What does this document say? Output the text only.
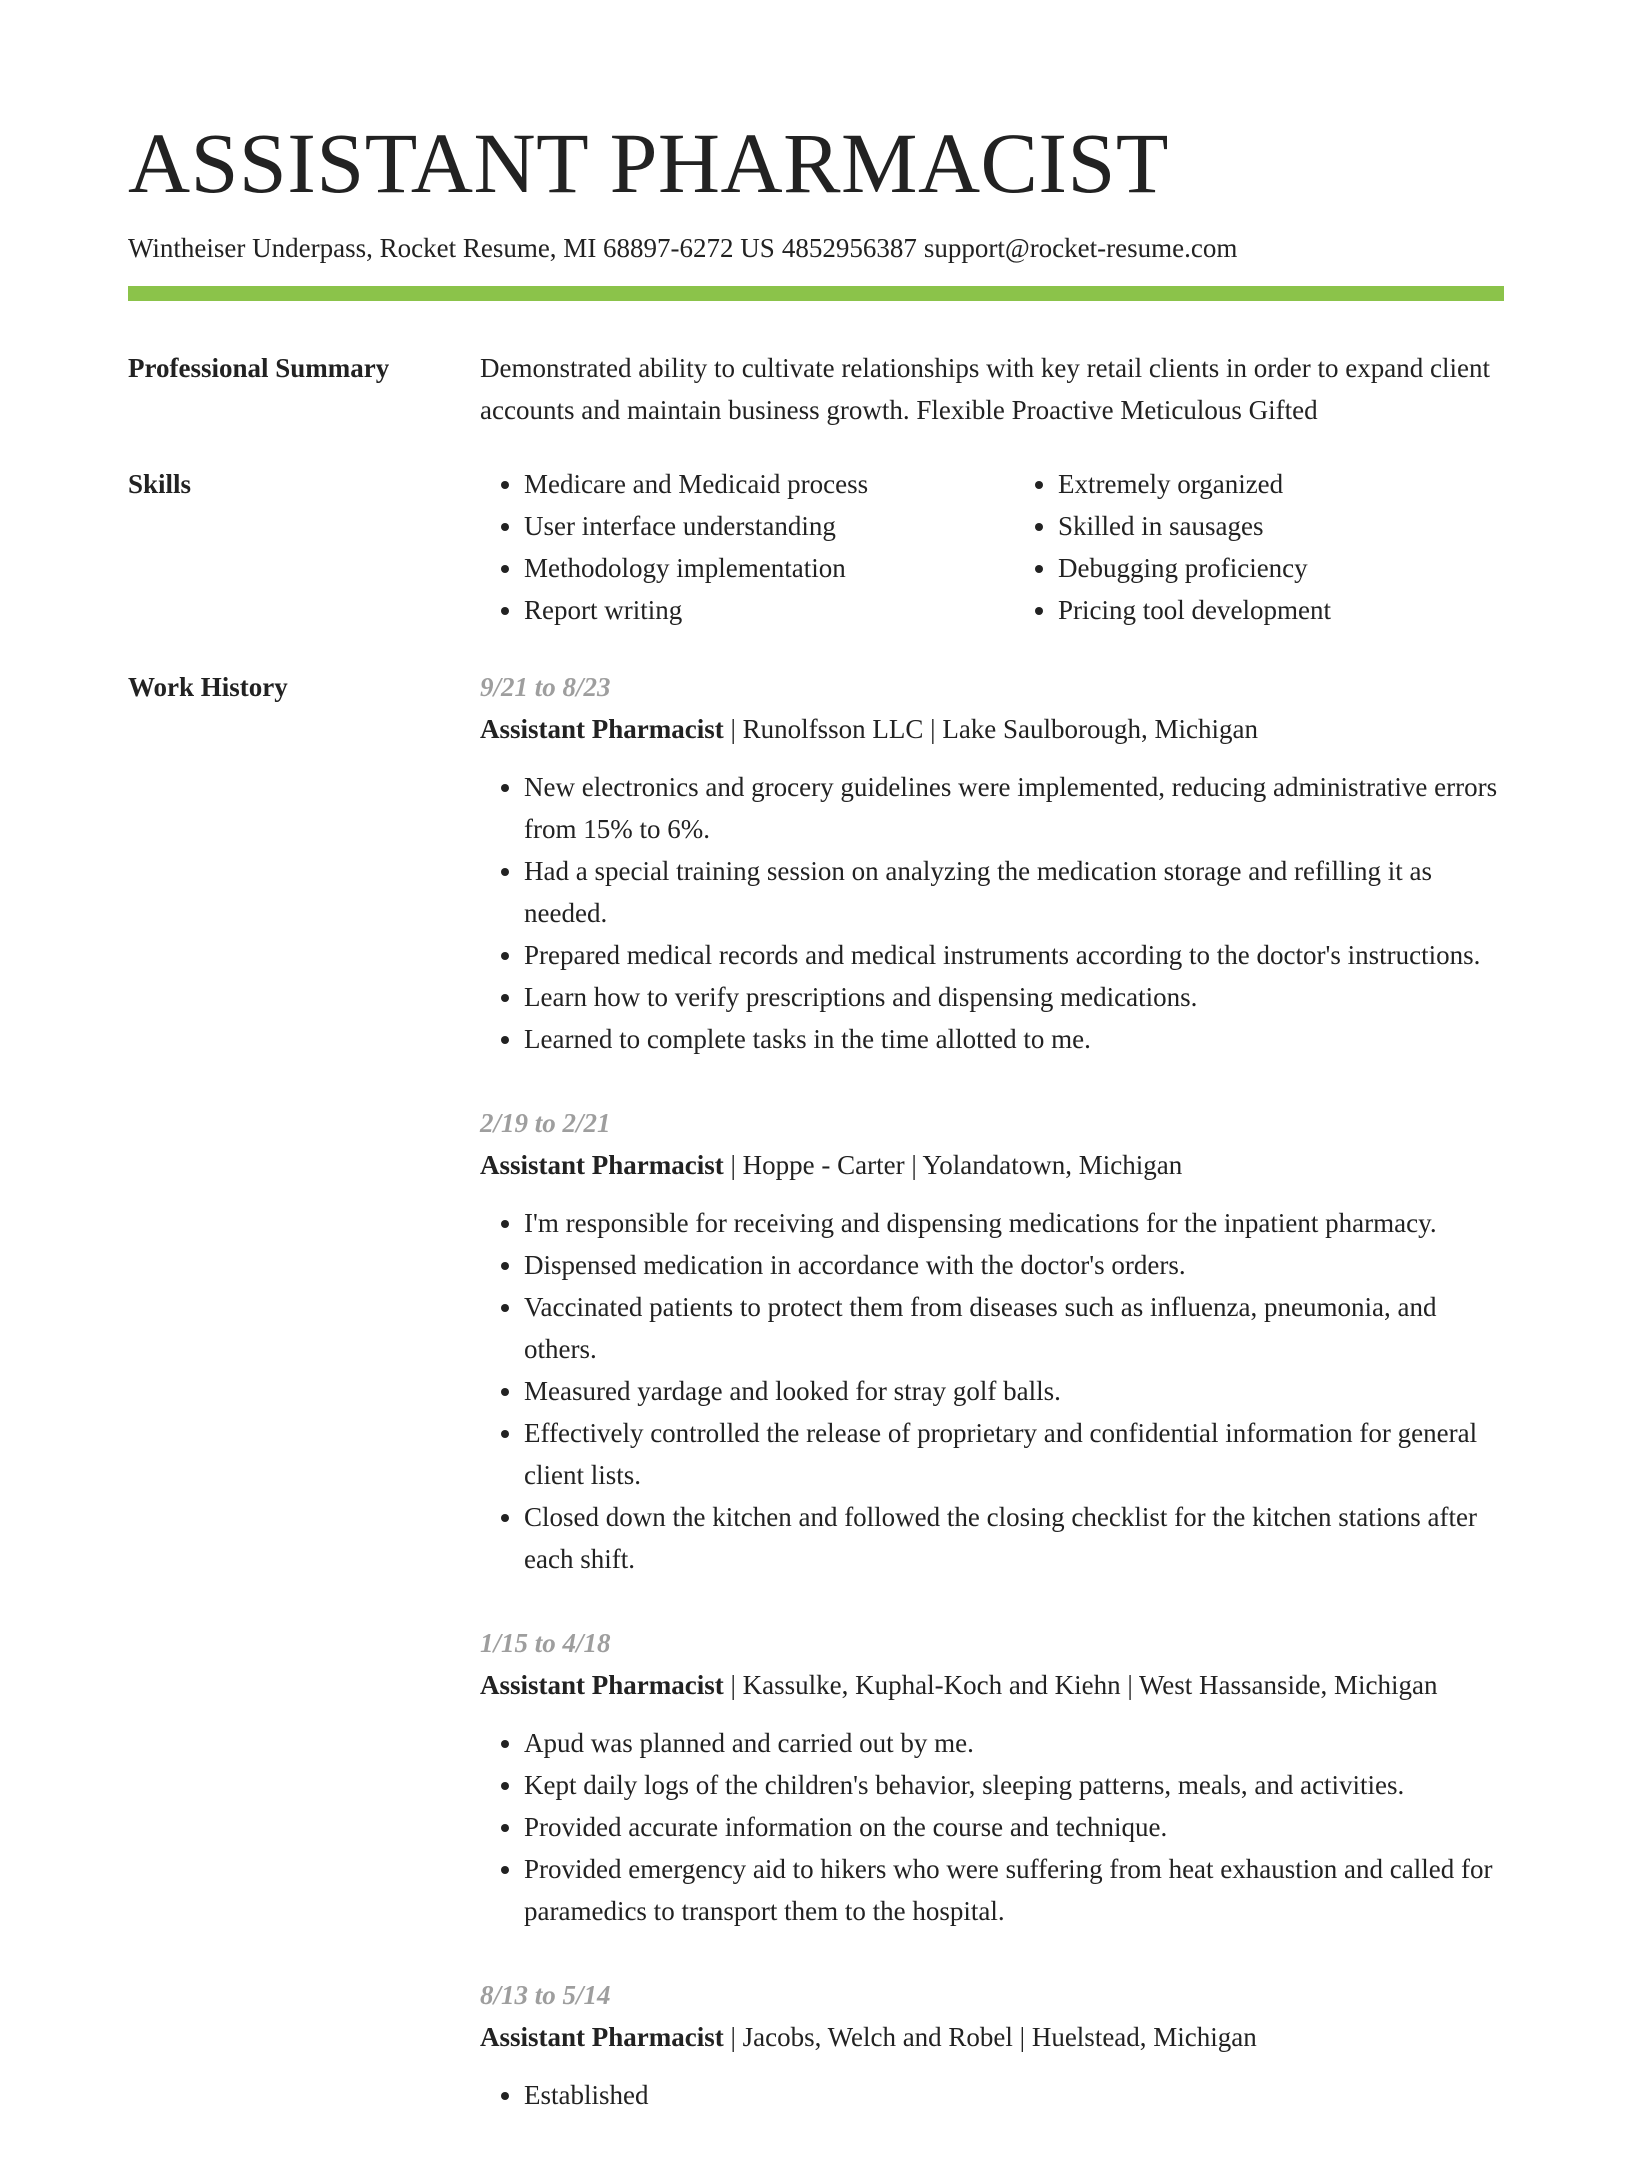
ASSISTANT PHARMACIST
Wintheiser Underpass, Rocket Resume, MI 68897-6272 US 4852956387 support@rocket-resume.com
Professional Summary	Demonstrated ability to cultivate relationships with key retail clients in order to expand client accounts and maintain business growth. Flexible Proactive Meticulous Gifted

Skills
•	Medicare and Medicaid process
• User interface understanding
• Methodology implementation
• Report writing
• Extremely organized
• Skilled in sausages
• Debugging proficiency
• Pricing tool development
Work History	9/21 to 8/23
Assistant Pharmacist | Runolfsson LLC | Lake Saulborough, Michigan
• New electronics and grocery guidelines were implemented, reducing administrative errors from 15% to 6%.
• Had a special training session on analyzing the medication storage and refilling it as needed.
• Prepared medical records and medical instruments according to the doctor's instructions.
• Learn how to verify prescriptions and dispensing medications.
• Learned to complete tasks in the time allotted to me.
2/19 to 2/21
Assistant Pharmacist | Hoppe - Carter | Yolandatown, Michigan
• I'm responsible for receiving and dispensing medications for the inpatient pharmacy.
• Dispensed medication in accordance with the doctor's orders.
• Vaccinated patients to protect them from diseases such as influenza, pneumonia, and others.
• Measured yardage and looked for stray golf balls.
• Effectively controlled the release of proprietary and confidential information for general client lists.
• Closed down the kitchen and followed the closing checklist for the kitchen stations after each shift.
1/15 to 4/18
Assistant Pharmacist | Kassulke, Kuphal-Koch and Kiehn | West Hassanside, Michigan
• Apud was planned and carried out by me.
• Kept daily logs of the children's behavior, sleeping patterns, meals, and activities.
• Provided accurate information on the course and technique.
• Provided emergency aid to hikers who were suffering from heat exhaustion and called for paramedics to transport them to the hospital.
8/13 to 5/14
Assistant Pharmacist | Jacobs, Welch and Robel | Huelstead, Michigan
• Established
